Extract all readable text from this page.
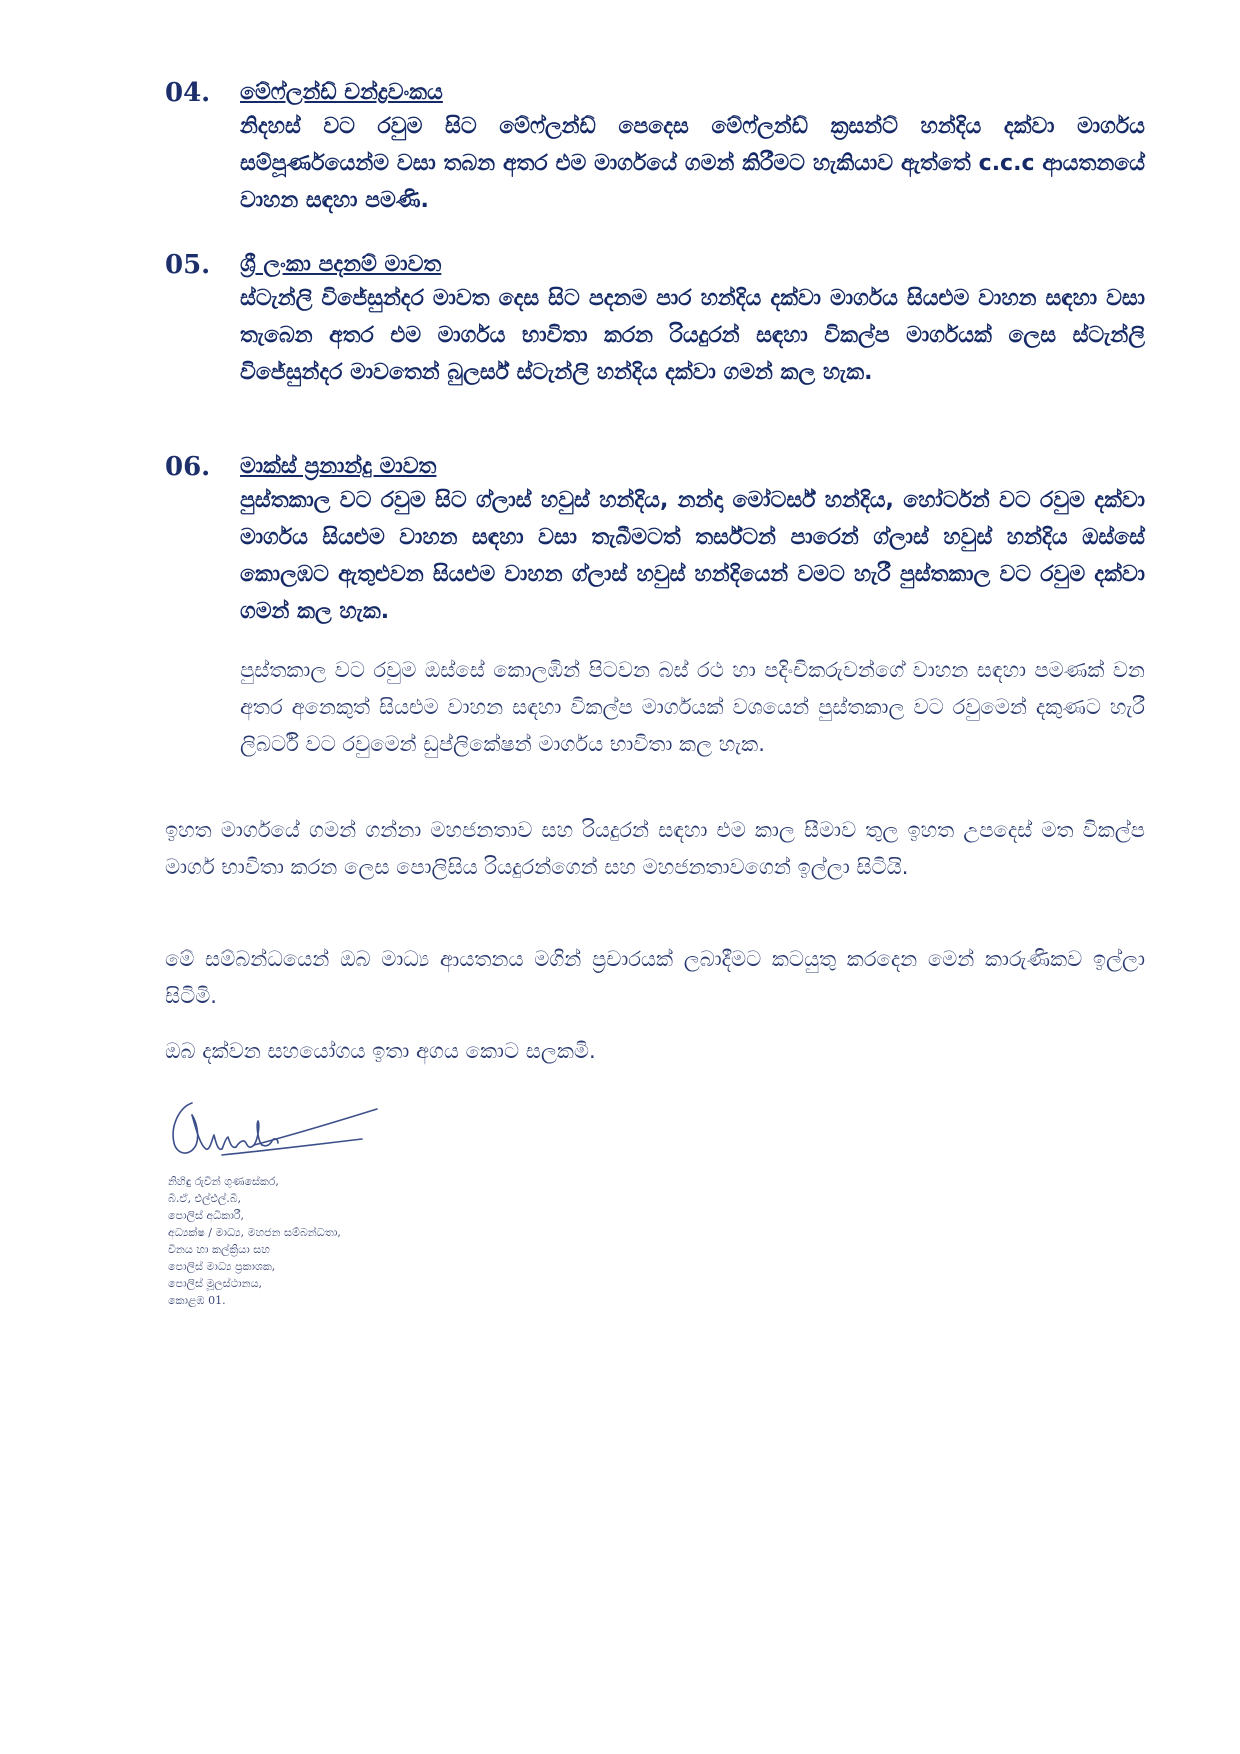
04. මේෆ්ලන්ඩ් චන්ද්‍රවංකය

නිදහස් වට රවුම සිට මේෆ්ලන්ඩ් පෙදෙස මේෆ්ලන්ඩ් ක්‍රසන්ට් හන්දිය දක්වා මාර්ගය සම්පූර්ණයෙන්ම වසා තබන අතර එම මාර්ගයේ ගමන් කිරීමට හැකියාව ඇත්තේ c.c.c ආයතනයේ වාහන සඳහා පමණි.

05. ශ්‍රී ලංකා පදනම් මාවත

ස්ටැන්ලි විජේසුන්දර මාවත දෙස සිට පදනම පාර හන්දිය දක්වා මාර්ගය සියළුම වාහන සඳහා වසා තැබෙන අතර එම මාර්ගය භාවිතා කරන රියදුරන් සඳහා විකල්ප මාර්ගයක් ලෙස ස්ටැන්ලි විජේසුන්දර මාවතෙන් බුලර්ස් ස්ටැන්ලි හන්දිය දක්වා ගමන් කල හැක.

06. මාක්ස් ප්‍රනාන්දු මාවත

පුස්තකාල වට රවුම සිට ග්ලාස් හවුස් හන්දිය, නන්දා මෝටර්ස් හන්දිය, හෝර්ටන් වට රවුම දක්වා මාර්ගය සියළුම වාහන සඳහා වසා තැබීමටත් තර්ස්ටන් පාරෙන් ග්ලාස් හවුස් හන්දිය ඔස්සේ කොලඹට ඇතුළුවන සියළුම වාහන ග්ලාස් හවුස් හන්දියෙන් වමට හැරී පුස්තකාල වට රවුම දක්වා ගමන් කල හැක.

පුස්තකාල වට රවුම ඔස්සේ කොලඹින් පිටවන බස් රථ හා පදිංචිකරුවන්ගේ වාහන සඳහා පමණක් වන අතර අනෙකුත් සියළුම වාහන සඳහා විකල්ප මාර්ගයක් වශයෙන් පුස්තකාල වට රවුමෙන් දකුණට හැරී ලිබර්ටි වට රවුමෙන් ඩුප්ලිකේෂන් මාර්ගය භාවිතා කල හැක.

ඉහත මාර්ගයේ ගමන් ගන්නා මහජනතාව සහ රියදුරන් සඳහා එම කාල සීමාව තුල ඉහත උපදෙස් මත විකල්ප මාර්ග භාවිතා කරන ලෙස පොලිසිය රියදුරන්ගෙන් සහ මහජනතාවගෙන් ඉල්ලා සිටියි.

මේ සම්බන්ධයෙන් ඔබ මාධ්‍ය ආයතනය මගින් ප්‍රචාරයක් ලබාදීමට කටයුතු කරදෙන මෙන් කාරුණිකව ඉල්ලා සිටිමි.

ඔබ දක්වන සහයෝගය ඉතා අගය කොට සලකමි.

නිහිඳු රුවින් ගුණසේකර,
බී.ඒ, එල්එල්.බී,
පොලිස් අධිකාරී,
අධ්‍යක්ෂ / මාධ්‍ය, මහජන සම්බන්ධතා,
විනය හා කල්ක්‍රියා සහ
පොලිස් මාධ්‍ය ප්‍රකාශක,
පොලිස් මූලස්ථානය,
කොළඹ 01.
